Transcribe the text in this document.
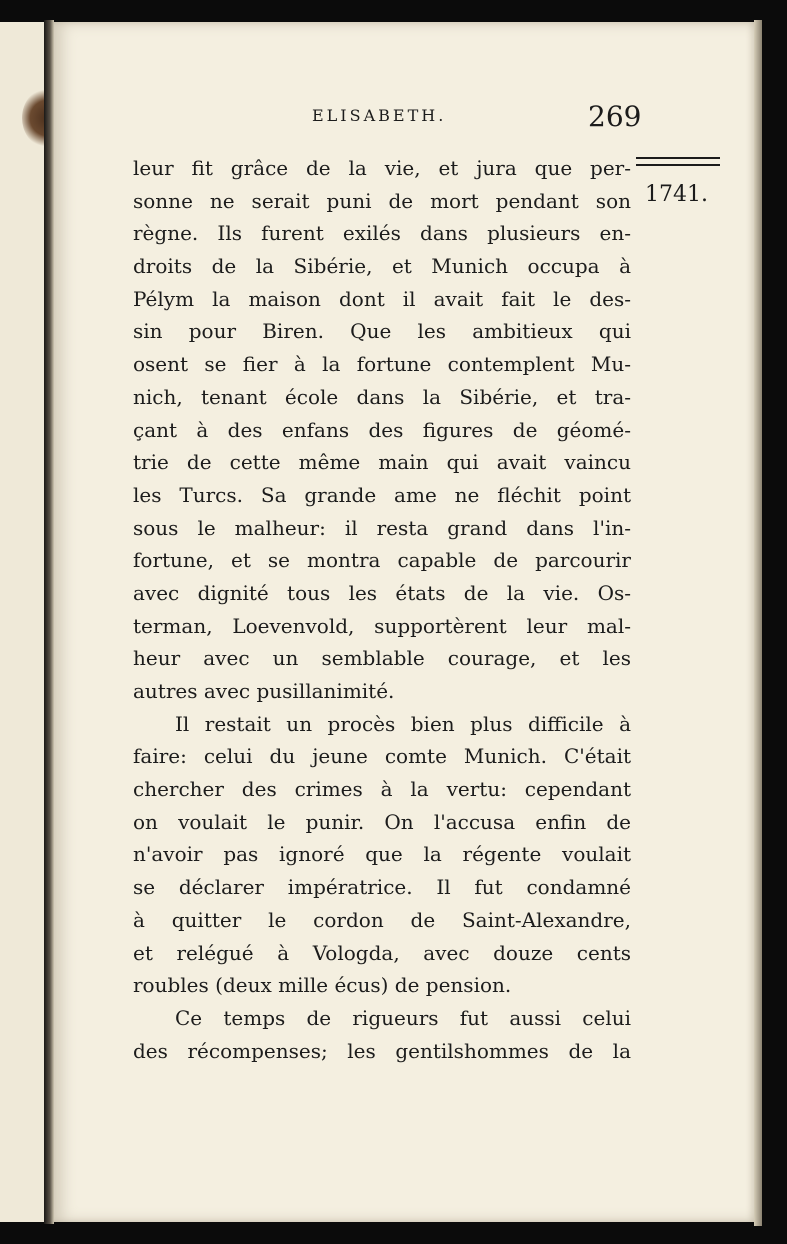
ELISABETH.	269
1741.
leur fit grâce de la vie, et jura que per-
sonne ne serait puni de mort pendant son
règne. Ils furent exilés dans plusieurs en-
droits de la Sibérie, et Munich occupa à
Pélym la maison dont il avait fait le des-
sin pour Biren. Que les ambitieux qui
osent se fier à la fortune contemplent Mu-
nich, tenant école dans la Sibérie, et tra-
çant à des enfans des figures de géomé-
trie de cette même main qui avait vaincu
les Turcs. Sa grande ame ne fléchit point
sous le malheur: il resta grand dans l'in-
fortune, et se montra capable de parcourir
avec dignité tous les états de la vie. Os-
terman, Loevenvold, supportèrent leur mal-
heur avec un semblable courage, et les
autres avec pusillanimité.
Il restait un procès bien plus difficile à
faire: celui du jeune comte Munich. C'était
chercher des crimes à la vertu: cependant
on voulait le punir. On l'accusa enfin de
n'avoir pas ignoré que la régente voulait
se déclarer impératrice. Il fut condamné
à quitter le cordon de Saint-Alexandre,
et relégué à Vologda, avec douze cents
roubles (deux mille écus) de pension.
Ce temps de rigueurs fut aussi celui
des récompenses; les gentilshommes de la
